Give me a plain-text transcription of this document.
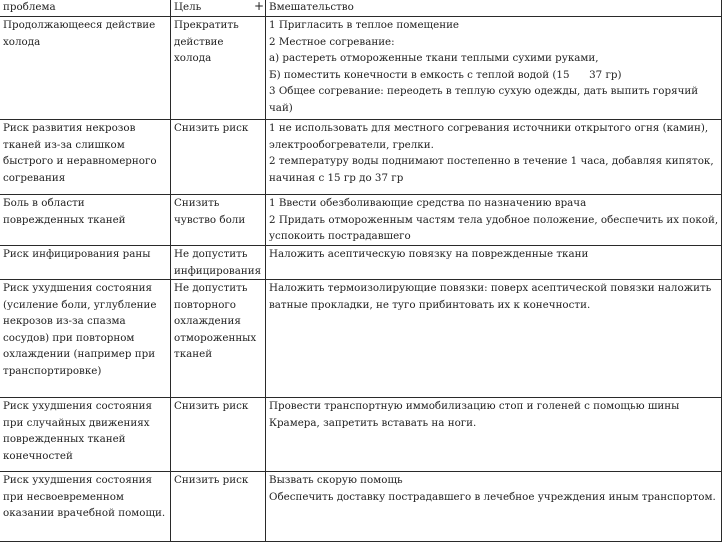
+
проблема	Цель	Вмешательство
Продолжающееся действие холода	Прекратить действие холода	1 Пригласить в теплое помещение
2 Местное согревание:
а) растереть отмороженные ткани теплыми сухими руками,
Б) поместить конечности в емкость с теплой водой (15      37 гр)
3 Общее согревание: переодеть в теплую сухую одежды, дать выпить горячий чай)

Риск развития некрозов тканей из-за слишком быстрого и неравномерного согревания	Снизить риск	1 не использовать для местного согревания источники открытого огня (камин), электрообогреватели, грелки.
2 температуру воды поднимают постепенно в течение 1 часа, добавляя кипяток, начиная с 15 гр до 37 гр

Боль в области поврежденных тканей	Снизить чувство боли	1 Ввести обезболивающие средства по назначению врача
2 Придать отмороженным частям тела удобное положение, обеспечить их покой, успокоить пострадавшего

Риск инфицирования раны	Не допустить инфицирования	Наложить асептическую повязку на поврежденные ткани

Риск ухудшения состояния (усиление боли, углубление некрозов из-за спазма сосудов) при повторном охлаждении (например при транспортировке)	Не допустить повторного охлаждения отмороженных тканей	Наложить термоизолирующие повязки: поверх асептической повязки наложить ватные прокладки, не туго прибинтовать их к конечности.

Риск ухудшения состояния при случайных движениях поврежденных тканей конечностей	Снизить риск	Провести транспортную иммобилизацию стоп и голеней с помощью шины Крамера, запретить вставать на ноги.

Риск ухудшения состояния при несвоевременном оказании врачебной помощи.	Снизить риск	Вызвать скорую помощь
Обеспечить доставку пострадавшего в лечебное учреждения иным транспортом.
